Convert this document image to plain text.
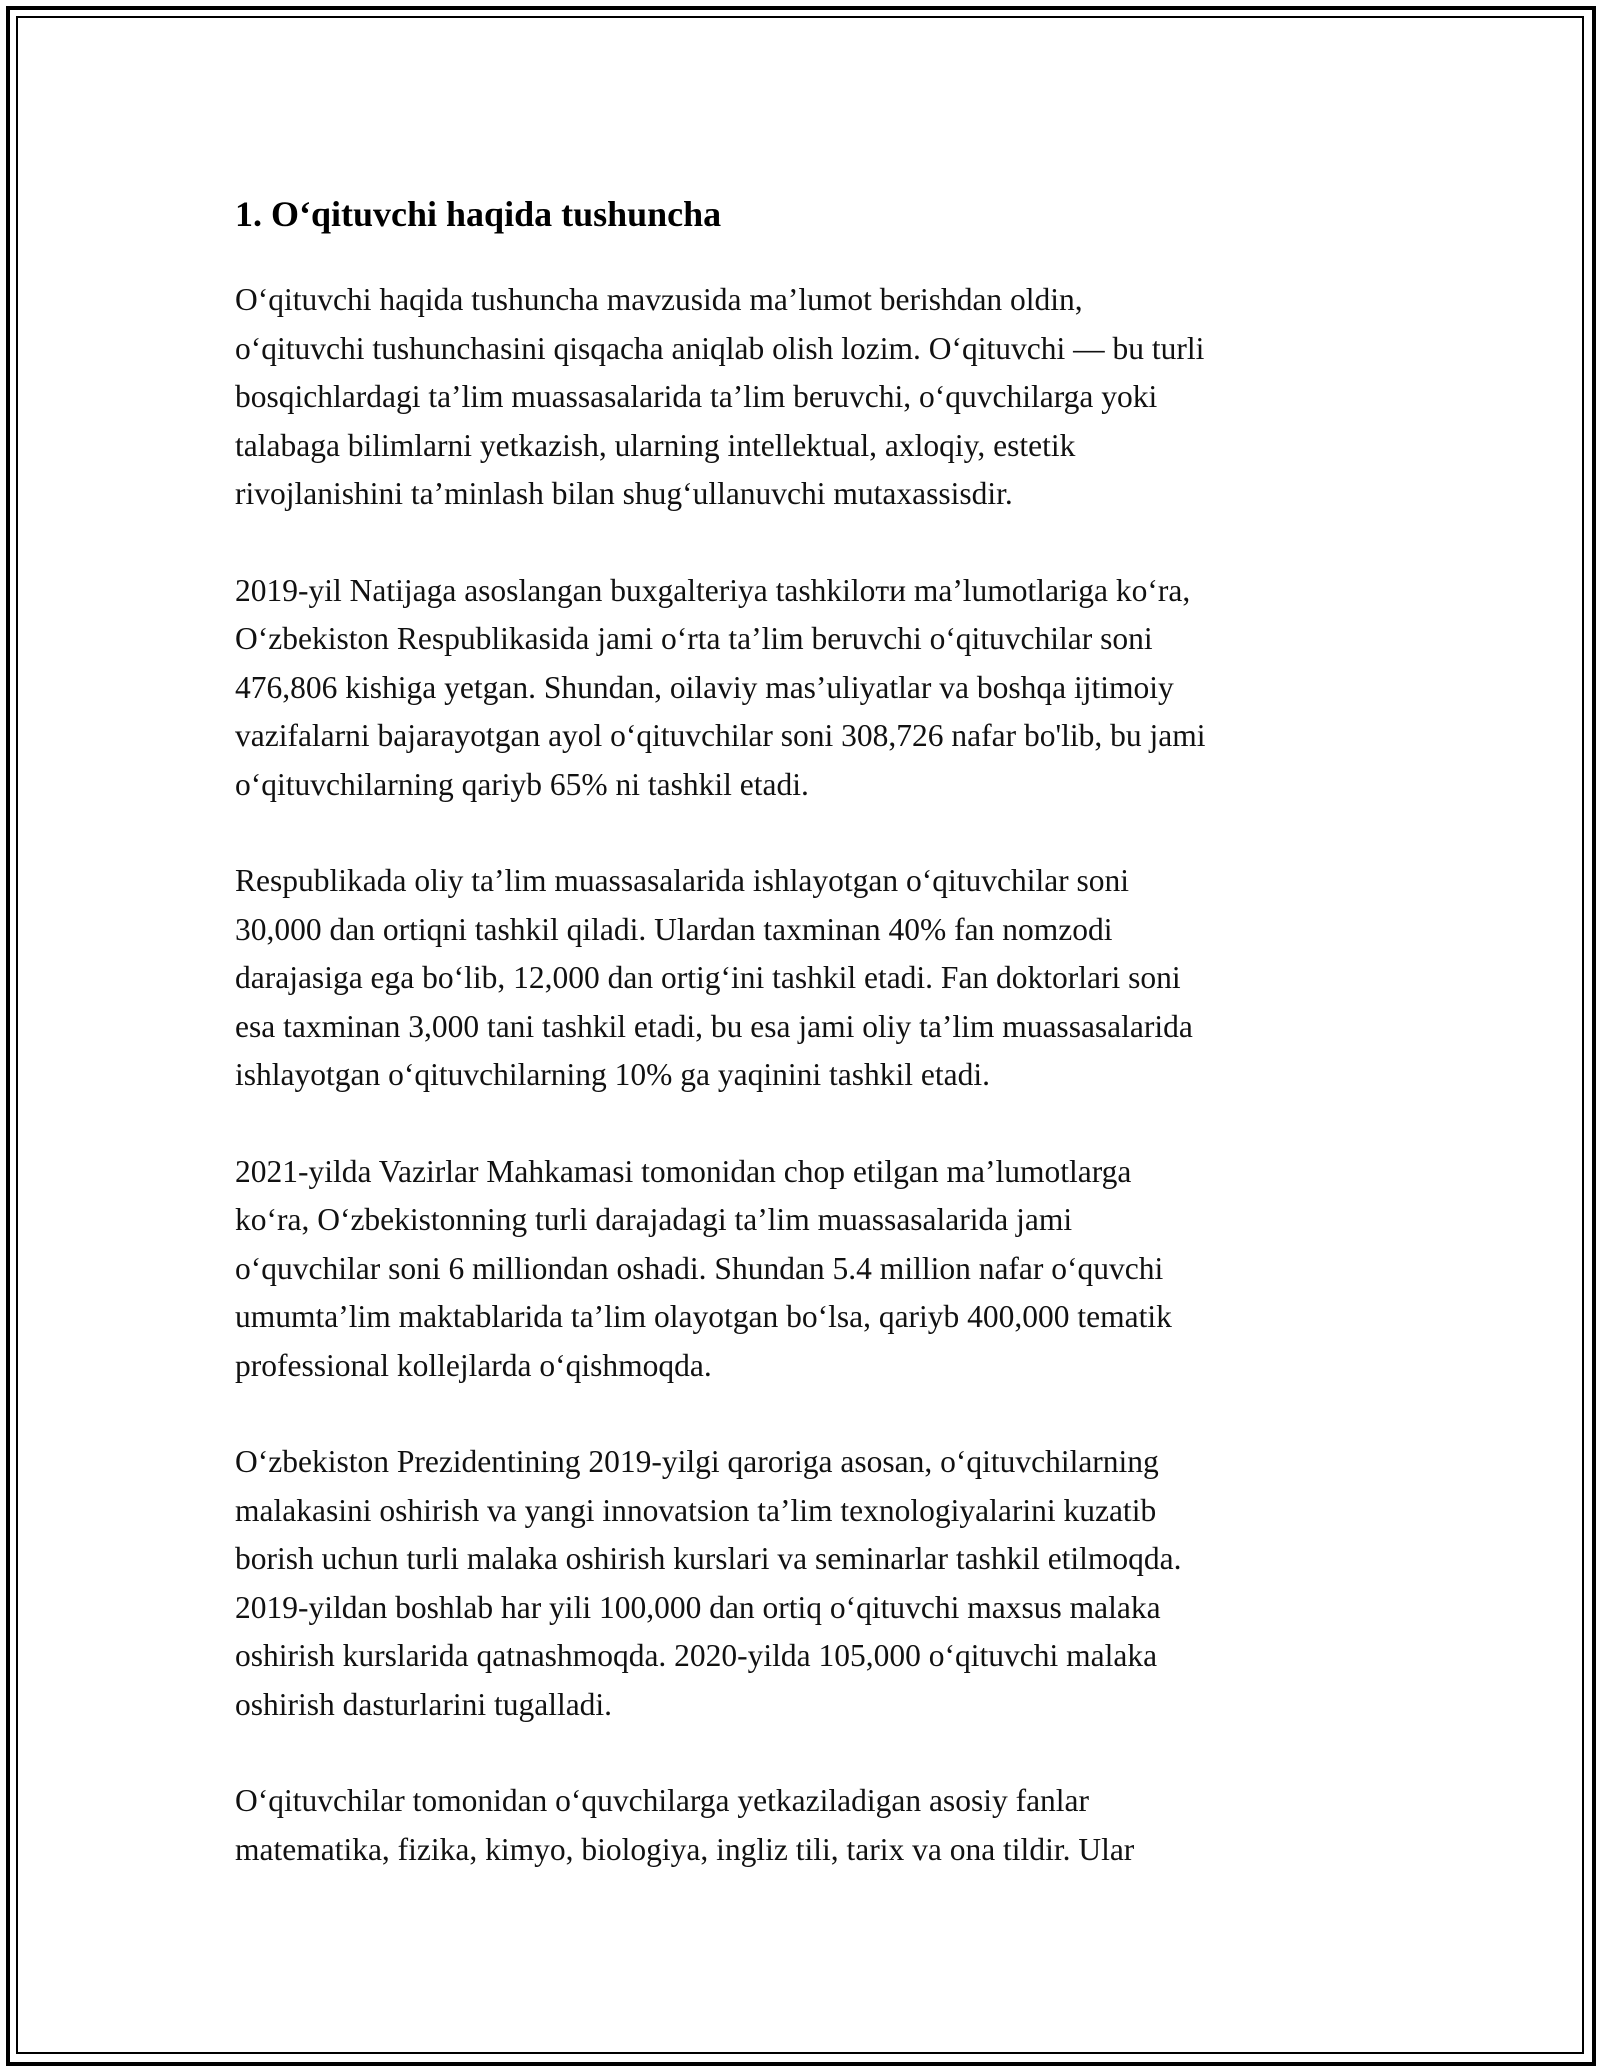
1. Oʻqituvchi haqida tushuncha

Oʻqituvchi haqida tushuncha mavzusida maʼlumot berishdan oldin,
oʻqituvchi tushunchasini qisqacha aniqlab olish lozim. Oʻqituvchi — bu turli
bosqichlardagi taʼlim muassasalarida taʼlim beruvchi, oʻquvchilarga yoki
talabaga bilimlarni yetkazish, ularning intellektual, axloqiy, estetik
rivojlanishini taʼminlash bilan shugʻullanuvchi mutaxassisdir.

2019-yil Natijaga asoslangan buxgalteriya tashkiloти maʼlumotlariga koʻra,
Oʻzbekiston Respublikasida jami oʻrta taʼlim beruvchi oʻqituvchilar soni
476,806 kishiga yetgan. Shundan, oilaviy masʼuliyatlar va boshqa ijtimoiy
vazifalarni bajarayotgan ayol oʻqituvchilar soni 308,726 nafar bo'lib, bu jami
oʻqituvchilarning qariyb 65% ni tashkil etadi.

Respublikada oliy taʼlim muassasalarida ishlayotgan oʻqituvchilar soni
30,000 dan ortiqni tashkil qiladi. Ulardan taxminan 40% fan nomzodi
darajasiga ega boʻlib, 12,000 dan ortigʻini tashkil etadi. Fan doktorlari soni
esa taxminan 3,000 tani tashkil etadi, bu esa jami oliy taʼlim muassasalarida
ishlayotgan oʻqituvchilarning 10% ga yaqinini tashkil etadi.

2021-yilda Vazirlar Mahkamasi tomonidan chop etilgan maʼlumotlarga
koʻra, Oʻzbekistonning turli darajadagi taʼlim muassasalarida jami
oʻquvchilar soni 6 milliondan oshadi. Shundan 5.4 million nafar oʻquvchi
umumtaʼlim maktablarida taʼlim olayotgan boʻlsa, qariyb 400,000 tematik
professional kollejlarda oʻqishmoqda.

Oʻzbekiston Prezidentining 2019-yilgi qaroriga asosan, oʻqituvchilarning
malakasini oshirish va yangi innovatsion taʼlim texnologiyalarini kuzatib
borish uchun turli malaka oshirish kurslari va seminarlar tashkil etilmoqda.
2019-yildan boshlab har yili 100,000 dan ortiq oʻqituvchi maxsus malaka
oshirish kurslarida qatnashmoqda. 2020-yilda 105,000 oʻqituvchi malaka
oshirish dasturlarini tugalladi.

Oʻqituvchilar tomonidan oʻquvchilarga yetkaziladigan asosiy fanlar
matematika, fizika, kimyo, biologiya, ingliz tili, tarix va ona tildir. Ular
